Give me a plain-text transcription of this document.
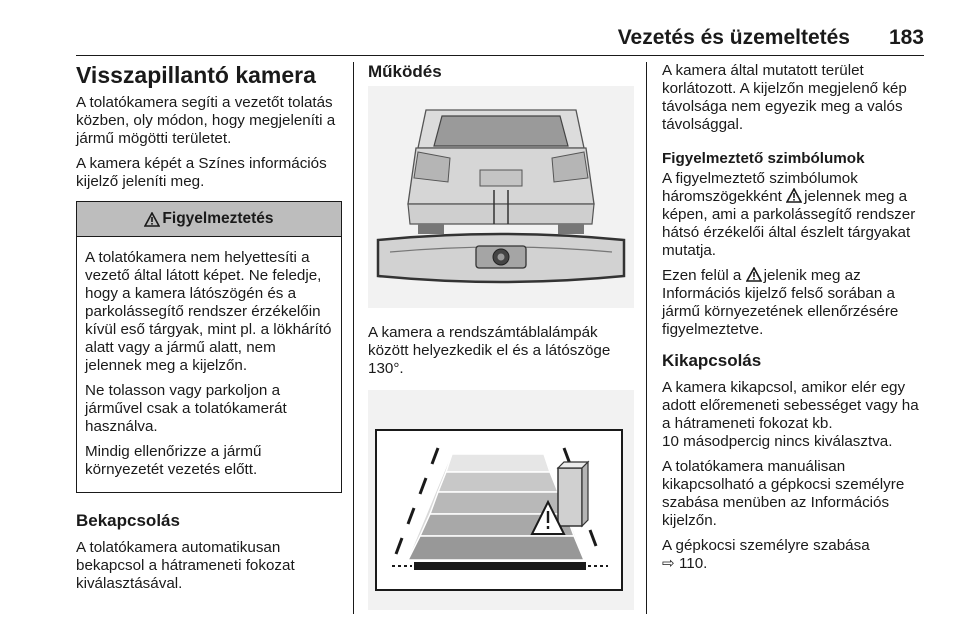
Vezetés és üzemeltetés 183
Visszapillantó kamera

A tolatókamera segíti a vezetőt tolatás közben, oly módon, hogy megjeleníti a jármű mögötti területet.

A kamera képét a Színes információs kijelző jeleníti meg.

Figyelmeztetés

A tolatókamera nem helyettesíti a vezető által látott képet. Ne feledje, hogy a kamera látószögén és a parkolássegítő rendszer érzékelőin kívül eső tárgyak, mint pl. a lökhárító alatt vagy a jármű alatt, nem jelennek meg a kijelzőn.

Ne tolasson vagy parkoljon a járművel csak a tolatókamerát használva.

Mindig ellenőrizze a jármű környezetét vezetés előtt.

Bekapcsolás

A tolatókamera automatikusan bekapcsol a hátrameneti fokozat kiválasztásával.

Működés

A kamera a rendszámtáblalámpák között helyezkedik el és a látószöge 130°.

A kamera által mutatott terület korlátozott. A kijelzőn megjelenő kép távolsága nem egyezik meg a valós távolsággal.

Figyelmeztető szimbólumok

A figyelmeztető szimbólumok háromszögekként jelennek meg a képen, ami a parkolássegítő rendszer hátsó érzékelői által észlelt tárgyakat mutatja.

Ezen felül a jelenik meg az Információs kijelző felső sorában a jármű környezetének ellenőrzésére figyelmeztetve.

Kikapcsolás

A kamera kikapcsol, amikor elér egy adott előremeneti sebességet vagy ha a hátrameneti fokozat kb.
10 másodpercig nincs kiválasztva.

A tolatókamera manuálisan kikapcsolható a gépkocsi személyre szabása menüben az Információs kijelzőn.

A gépkocsi személyre szabása
⇨ 110.
